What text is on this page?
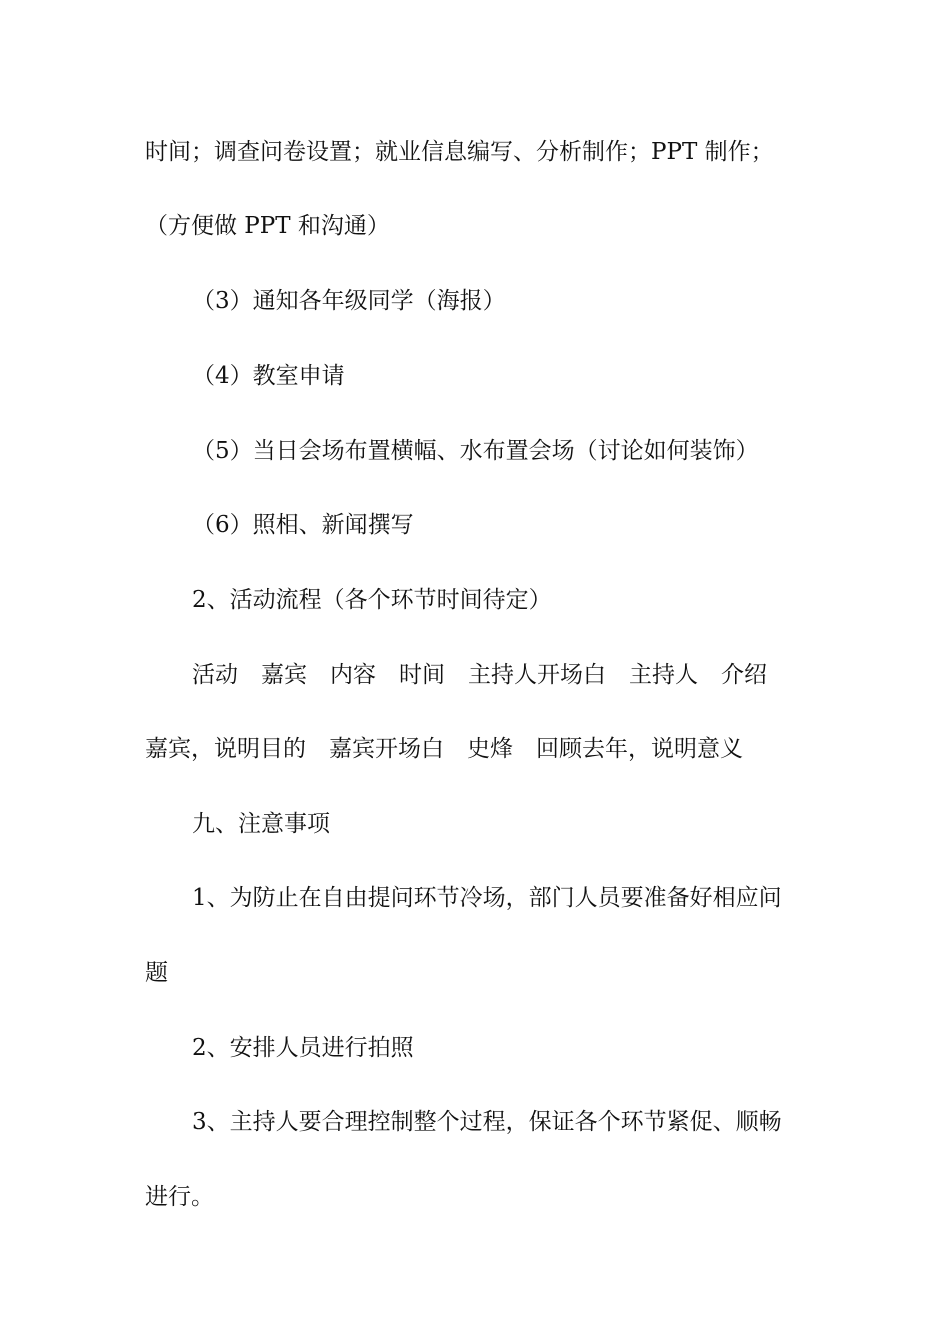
时间；调查问卷设置；就业信息编写、分析制作；PPT 制作；
（方便做 PPT 和沟通）
（3）通知各年级同学（海报）
（4）教室申请
（5）当日会场布置横幅、水布置会场（讨论如何装饰）
（6）照相、新闻撰写
2、活动流程（各个环节时间待定）
活动　嘉宾　内容　时间　主持人开场白　主持人　介绍
嘉宾，说明目的　嘉宾开场白　史烽　回顾去年，说明意义
九、注意事项
1、为防止在自由提问环节冷场，部门人员要准备好相应问
题
2、安排人员进行拍照
3、主持人要合理控制整个过程，保证各个环节紧促、顺畅
进行。
